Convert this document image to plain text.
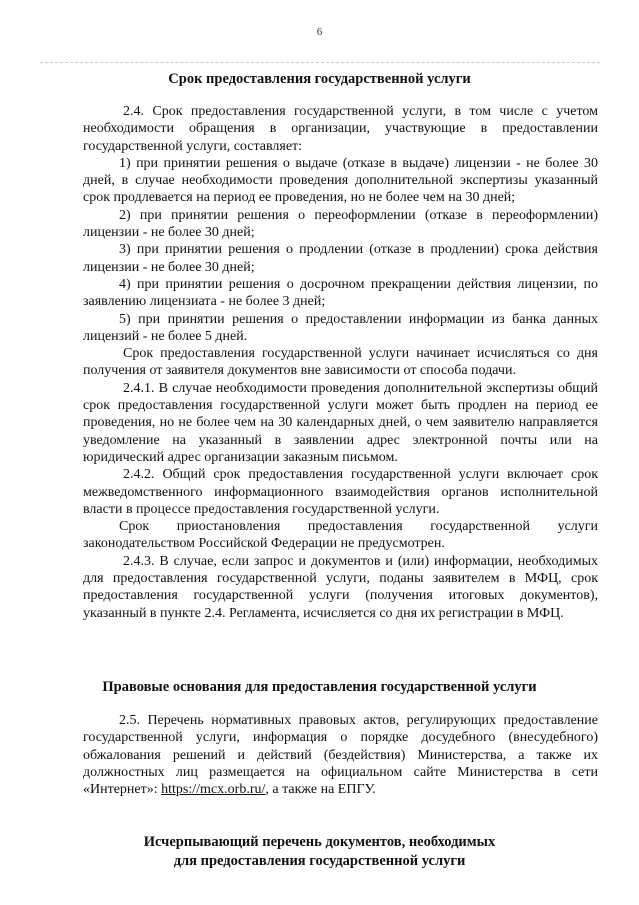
6
Срок предоставления государственной услуги

2.4. Срок предоставления государственной услуги, в том числе с учетом необходимости обращения в организации, участвующие в предоставлении государственной услуги, составляет:

1) при принятии решения о выдаче (отказе в выдаче) лицензии - не более 30 дней, в случае необходимости проведения дополнительной экспертизы указанный срок продлевается на период ее проведения, но не более чем на 30 дней;

2) при принятии решения о переоформлении (отказе в переоформлении) лицензии - не более 30 дней;

3) при принятии решения о продлении (отказе в продлении) срока действия лицензии - не более 30 дней;

4) при принятии решения о досрочном прекращении действия лицензии, по заявлению лицензиата - не более 3 дней;

5) при принятии решения о предоставлении информации из банка данных лицензий - не более 5 дней.

Срок предоставления государственной услуги начинает исчисляться со дня получения от заявителя документов вне зависимости от способа подачи.

2.4.1. В случае необходимости проведения дополнительной экспертизы общий срок предоставления государственной услуги может быть продлен на период ее проведения, но не более чем на 30 календарных дней, о чем заявителю направляется уведомление на указанный в заявлении адрес электронной почты или на юридический адрес организации заказным письмом.

2.4.2. Общий срок предоставления государственной услуги включает срок межведомственного информационного взаимодействия органов исполнительной власти в процессе предоставления государственной услуги.

Срок приостановления предоставления государственной услуги законодательством Российской Федерации не предусмотрен.

2.4.3. В случае, если запрос и документов и (или) информации, необходимых для предоставления государственной услуги, поданы заявителем в МФЦ, срок предоставления государственной услуги (получения итоговых документов), указанный в пункте 2.4. Регламента, исчисляется со дня их регистрации в МФЦ.

Правовые основания для предоставления государственной услуги

2.5. Перечень нормативных правовых актов, регулирующих предоставление государственной услуги, информация о порядке досудебного (внесудебного) обжалования решений и действий (бездействия) Министерства, а также их должностных лиц размещается на официальном сайте Министерства в сети «Интернет»: https://mcx.orb.ru/, а также на ЕПГУ.

Исчерпывающий перечень документов, необходимых
для предоставления государственной услуги
